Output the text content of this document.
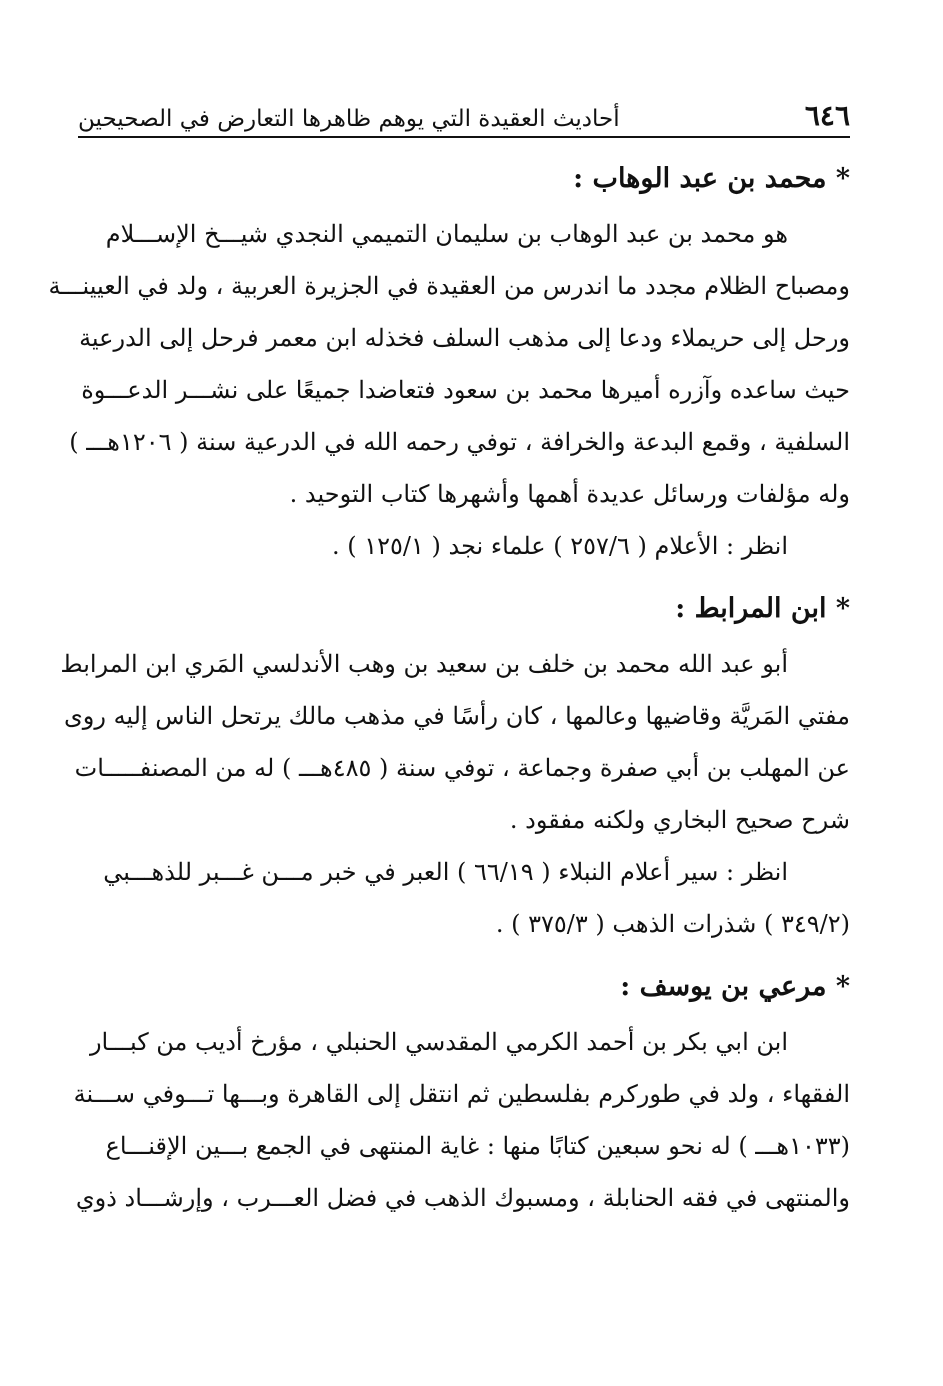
٦٤٦
أحاديث العقيدة التي يوهم ظاهرها التعارض في الصحيحين
* محمد بن عبد الوهاب :
هو محمد بن عبد الوهاب بن سليمان التميمي النجدي شيـــخ الإســـلام
ومصباح الظلام مجدد ما اندرس من العقيدة في الجزيرة العربية ، ولد في العيينـــة
ورحل إلى حريملاء ودعا إلى مذهب السلف فخذله ابن معمر فرحل إلى الدرعية
حيث ساعده وآزره أميرها محمد بن سعود فتعاضدا جميعًا على نشـــر الدعـــوة
السلفية ، وقمع البدعة والخرافة ، توفي رحمه الله في الدرعية سنة ( ١٢٠٦هـــ )
وله مؤلفات ورسائل عديدة أهمها وأشهرها كتاب التوحيد .
انظر : الأعلام ( ٢٥٧/٦ ) علماء نجد ( ١٢٥/١ ) .
* ابن المرابط :
أبو عبد الله محمد بن خلف بن سعيد بن وهب الأندلسي المَري ابن المرابط
مفتي المَريَّة وقاضيها وعالمها ، كان رأسًا في مذهب مالك يرتحل الناس إليه روى
عن المهلب بن أبي صفرة وجماعة ، توفي سنة ( ٤٨٥هـــ ) له من المصنفـــــات
شرح صحيح البخاري ولكنه مفقود .
انظر : سير أعلام النبلاء ( ٦٦/١٩ ) العبر في خبر مـــن غـــبر للذهـــبي
(٣٤٩/٢ ) شذرات الذهب ( ٣٧٥/٣ ) .
* مرعي بن يوسف :
ابن ابي بكر بن أحمد الكرمي المقدسي الحنبلي ، مؤرخ أديب من كبـــار
الفقهاء ، ولد في طوركرم بفلسطين ثم انتقل إلى القاهرة وبـــها تـــوفي ســـنة
(١٠٣٣هـــ ) له نحو سبعين كتابًا منها : غاية المنتهى في الجمع بـــين الإقنـــاع
والمنتهى في فقه الحنابلة ، ومسبوك الذهب في فضل العـــرب ، وإرشـــاد ذوي
